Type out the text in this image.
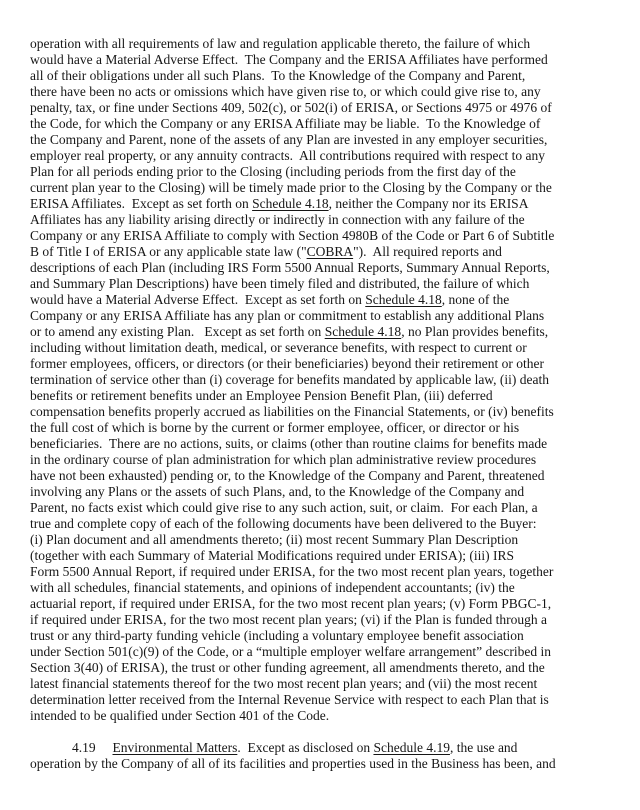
operation with all requirements of law and regulation applicable thereto, the failure of which
would have a Material Adverse Effect.  The Company and the ERISA Affiliates have performed
all of their obligations under all such Plans.  To the Knowledge of the Company and Parent,
there have been no acts or omissions which have given rise to, or which could give rise to, any
penalty, tax, or fine under Sections 409, 502(c), or 502(i) of ERISA, or Sections 4975 or 4976 of
the Code, for which the Company or any ERISA Affiliate may be liable.  To the Knowledge of
the Company and Parent, none of the assets of any Plan are invested in any employer securities,
employer real property, or any annuity contracts.  All contributions required with respect to any
Plan for all periods ending prior to the Closing (including periods from the first day of the
current plan year to the Closing) will be timely made prior to the Closing by the Company or the
ERISA Affiliates.  Except as set forth on Schedule 4.18, neither the Company nor its ERISA
Affiliates has any liability arising directly or indirectly in connection with any failure of the
Company or any ERISA Affiliate to comply with Section 4980B of the Code or Part 6 of Subtitle
B of Title I of ERISA or any applicable state law ("COBRA").  All required reports and
descriptions of each Plan (including IRS Form 5500 Annual Reports, Summary Annual Reports,
and Summary Plan Descriptions) have been timely filed and distributed, the failure of which
would have a Material Adverse Effect.  Except as set forth on Schedule 4.18, none of the
Company or any ERISA Affiliate has any plan or commitment to establish any additional Plans
or to amend any existing Plan.   Except as set forth on Schedule 4.18, no Plan provides benefits,
including without limitation death, medical, or severance benefits, with respect to current or
former employees, officers, or directors (or their beneficiaries) beyond their retirement or other
termination of service other than (i) coverage for benefits mandated by applicable law, (ii) death
benefits or retirement benefits under an Employee Pension Benefit Plan, (iii) deferred
compensation benefits properly accrued as liabilities on the Financial Statements, or (iv) benefits
the full cost of which is borne by the current or former employee, officer, or director or his
beneficiaries.  There are no actions, suits, or claims (other than routine claims for benefits made
in the ordinary course of plan administration for which plan administrative review procedures
have not been exhausted) pending or, to the Knowledge of the Company and Parent, threatened
involving any Plans or the assets of such Plans, and, to the Knowledge of the Company and
Parent, no facts exist which could give rise to any such action, suit, or claim.  For each Plan, a
true and complete copy of each of the following documents have been delivered to the Buyer:
(i) Plan document and all amendments thereto; (ii) most recent Summary Plan Description
(together with each Summary of Material Modifications required under ERISA); (iii) IRS
Form 5500 Annual Report, if required under ERISA, for the two most recent plan years, together
with all schedules, financial statements, and opinions of independent accountants; (iv) the
actuarial report, if required under ERISA, for the two most recent plan years; (v) Form PBGC-1,
if required under ERISA, for the two most recent plan years; (vi) if the Plan is funded through a
trust or any third-party funding vehicle (including a voluntary employee benefit association
under Section 501(c)(9) of the Code, or a “multiple employer welfare arrangement” described in
Section 3(40) of ERISA), the trust or other funding agreement, all amendments thereto, and the
latest financial statements thereof for the two most recent plan years; and (vii) the most recent
determination letter received from the Internal Revenue Service with respect to each Plan that is
intended to be qualified under Section 401 of the Code.
4.19 Environmental Matters.  Except as disclosed on Schedule 4.19, the use and
operation by the Company of all of its facilities and properties used in the Business has been, and
